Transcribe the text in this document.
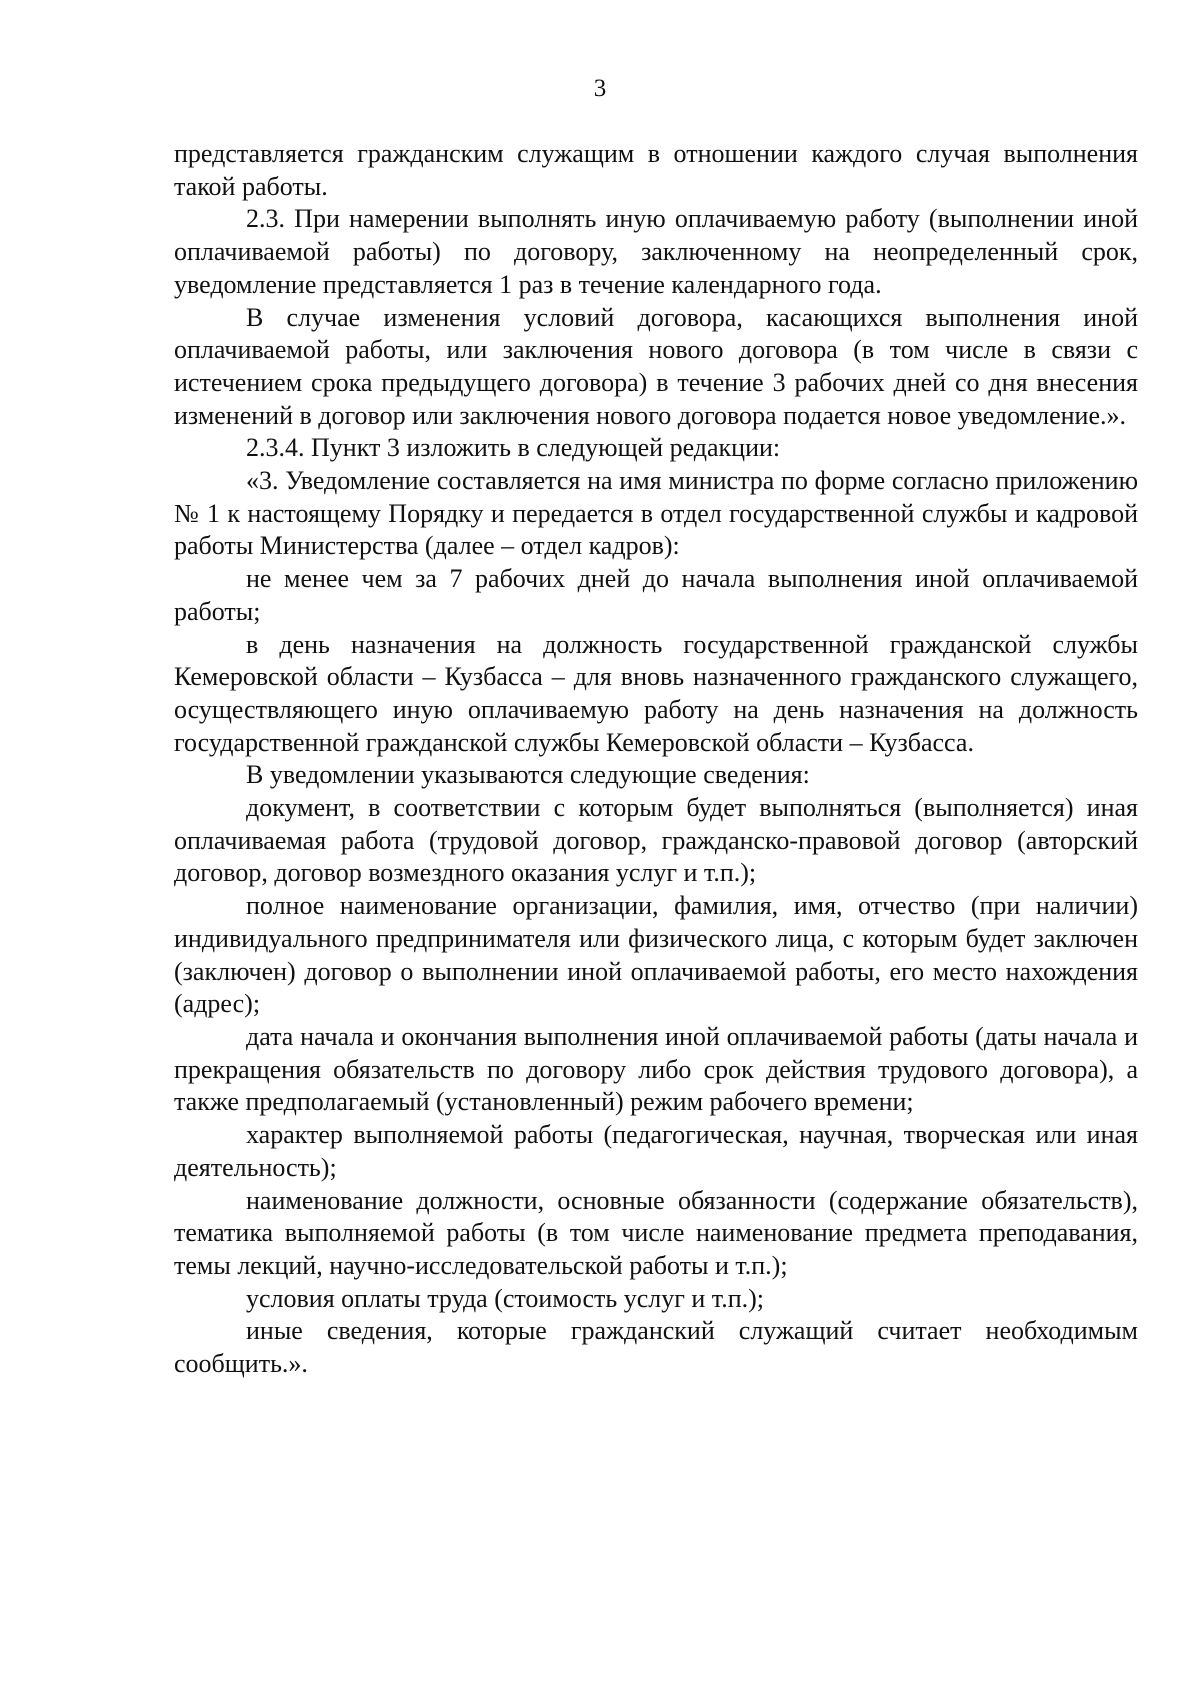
3

представляется гражданским служащим в отношении каждого случая выполнения такой работы.

2.3. При намерении выполнять иную оплачиваемую работу (выполнении иной оплачиваемой работы) по договору, заключенному на неопределенный срок, уведомление представляется 1 раз в течение календарного года.

В случае изменения условий договора, касающихся выполнения иной оплачиваемой работы, или заключения нового договора (в том числе в связи с истечением срока предыдущего договора) в течение 3 рабочих дней со дня внесения изменений в договор или заключения нового договора подается новое уведомление.».

2.3.4. Пункт 3 изложить в следующей редакции:

«3. Уведомление составляется на имя министра по форме согласно приложению № 1 к настоящему Порядку и передается в отдел государственной службы и кадровой работы Министерства (далее – отдел кадров):

не менее чем за 7 рабочих дней до начала выполнения иной оплачиваемой работы;

в день назначения на должность государственной гражданской службы Кемеровской области – Кузбасса – для вновь назначенного гражданского служащего, осуществляющего иную оплачиваемую работу на день назначения на должность государственной гражданской службы Кемеровской области – Кузбасса.

В уведомлении указываются следующие сведения:

документ, в соответствии с которым будет выполняться (выполняется) иная оплачиваемая работа (трудовой договор, гражданско-правовой договор (авторский договор, договор возмездного оказания услуг и т.п.);

полное наименование организации, фамилия, имя, отчество (при наличии) индивидуального предпринимателя или физического лица, с которым будет заключен (заключен) договор о выполнении иной оплачиваемой работы, его место нахождения (адрес);

дата начала и окончания выполнения иной оплачиваемой работы (даты начала и прекращения обязательств по договору либо срок действия трудового договора), а также предполагаемый (установленный) режим рабочего времени;

характер выполняемой работы (педагогическая, научная, творческая или иная деятельность);

наименование должности, основные обязанности (содержание обязательств), тематика выполняемой работы (в том числе наименование предмета преподавания, темы лекций, научно-исследовательской работы и т.п.);

условия оплаты труда (стоимость услуг и т.п.);

иные сведения, которые гражданский служащий считает необходимым сообщить.».
